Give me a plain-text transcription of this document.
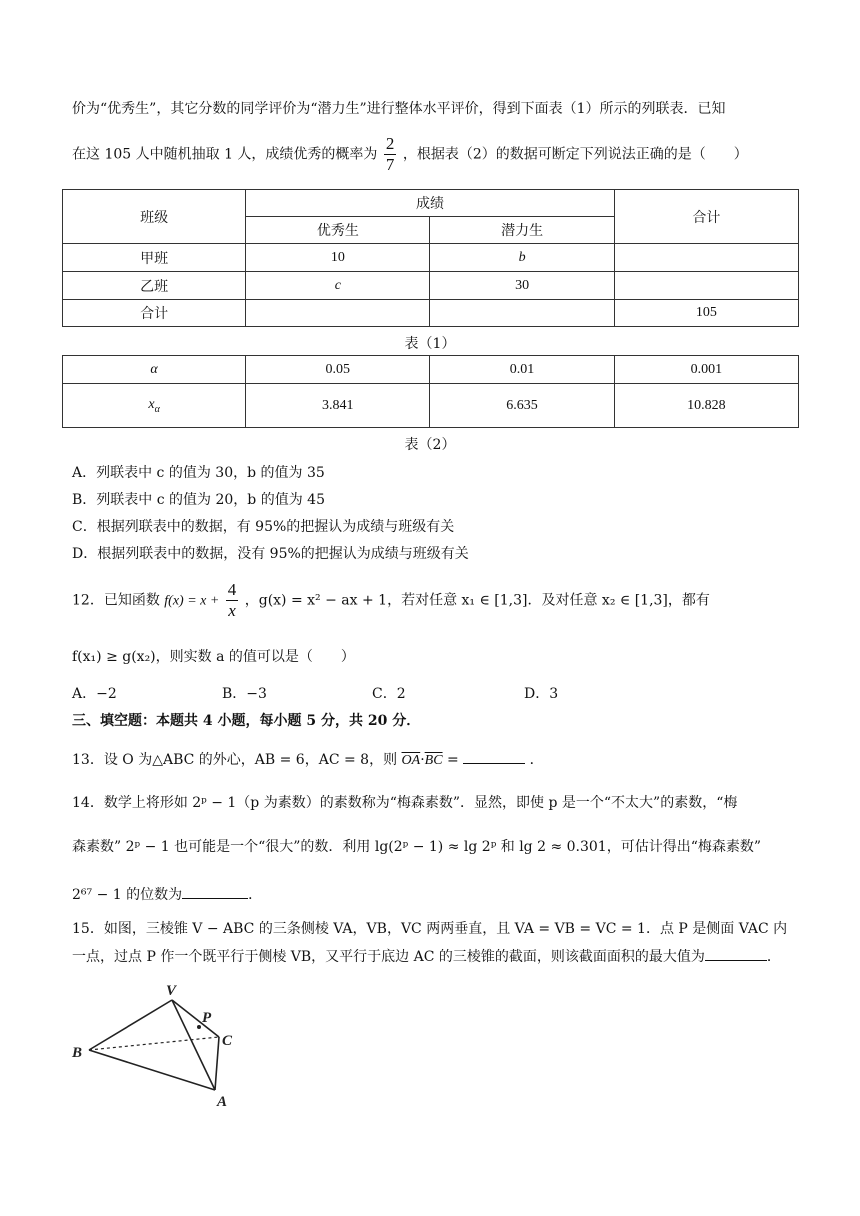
价为“优秀生”，其它分数的同学评价为“潜力生”进行整体水平评价，得到下面表（1）所示的列联表．已知
在这 105 人中随机抽取 1 人，成绩优秀的概率为 $\frac{2}{7}$ ，根据表（2）的数据可断定下列说法正确的是（　　）
班级	成绩		合计
	优秀生	潜力生	
甲班	10	b	
乙班	c	30	
合计			105
表（1）
α	0.05	0.01	0.001
$x_\alpha$	3.841	6.635	10.828
表（2）
A．列联表中 c 的值为 30，b 的值为 35
B．列联表中 c 的值为 20，b 的值为 45
C．根据列联表中的数据，有 95%的把握认为成绩与班级有关
D．根据列联表中的数据，没有 95%的把握认为成绩与班级有关
12．已知函数 $f(x) = x + \frac{4}{x}$ ，g(x) = x² − ax + 1，若对任意 x₁ ∈ [1,3]．及对任意 x₂ ∈ [1,3]，都有
f(x₁) ≥ g(x₂)，则实数 a 的值可以是（　　）
A．−2	B．−3	C．2	D．3
三、填空题：本题共 4 小题，每小题 5 分，共 20 分．
13．设 O 为△ABC 的外心，AB = 6，AC = 8，则 $\overline{OA}\cdot\overline{BC}$ =	．
14．数学上将形如 2ᵖ − 1（p 为素数）的素数称为“梅森素数”．显然，即使 p 是一个“不太大”的素数，“梅
森素数” 2ᵖ − 1 也可能是一个“很大”的数．利用 lg(2ᵖ − 1) ≈ lg 2ᵖ 和 lg 2 ≈ 0.301，可估计得出“梅森素数”
2⁶⁷ − 1 的位数为	．
15．如图，三棱锥 V − ABC 的三条侧棱 VA，VB，VC 两两垂直，且 VA = VB = VC = 1．点 P 是侧面 VAC 内
一点，过点 P 作一个既平行于侧棱 VB，又平行于底边 AC 的三棱锥的截面，则该截面面积的最大值为	．
V
P
C
B
A
